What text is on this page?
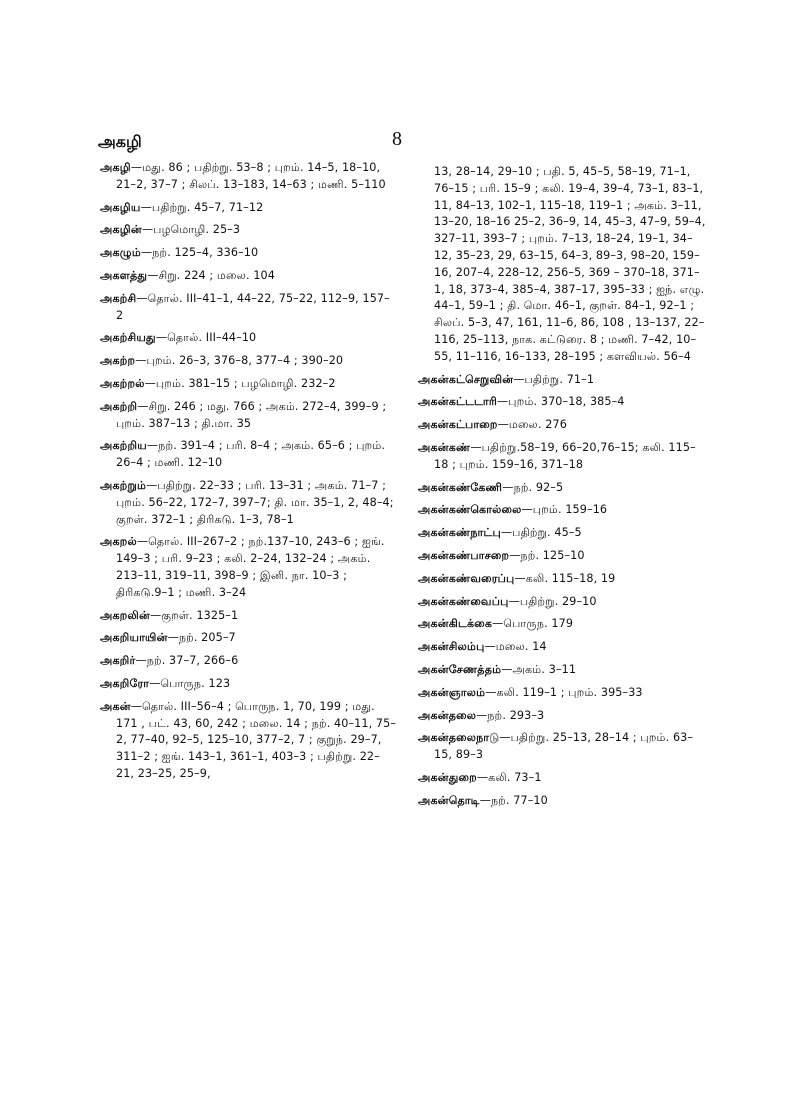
அகழி	8
அகழி—மது. 86 ; பதிற்று. 53–8 ; புறம். 14–5, 18–10, 21–2, 37–7 ; சிலப். 13–183, 14–63 ; மணி. 5–110
அகழிய—பதிற்று. 45–7, 71–12
அகழின்—பழமொழி. 25–3
அகழும்—நற். 125–4, 336–10
அகளத்து—சிறு. 224 ; மலை. 104
அகற்சி—தொல். III–41–1, 44–22, 75–22, 112–9, 157–2
அகற்சியது—தொல். III–44–10
அகற்ற—புறம். 26–3, 376–8, 377–4 ; 390–20
அகற்றல்—புறம். 381–15 ; பழமொழி. 232–2
அகற்றி—சிறு. 246 ; மது. 766 ; அகம். 272–4, 399–9 ; புறம். 387–13 ; தி.மா. 35
அகற்றிய—நற். 391–4 ; பரி. 8–4 ; அகம். 65–6 ; புறம். 26–4 ; மணி. 12–10
அகற்றும்—பதிற்று. 22–33 ; பரி. 13–31 ; அகம். 71–7 ; புறம். 56–22, 172–7, 397–7; தி. மா. 35–1, 2, 48–4; குறள். 372–1 ; திரிகடு. 1–3, 78–1
அகறல்—தொல். III–267–2 ; நற்.137–10, 243–6 ; ஐங். 149–3 ; பரி. 9–23 ; கலி. 2–24, 132–24 ; அகம். 213–11, 319–11, 398–9 ; இனி. நா. 10–3 ; திரிகடு.9–1 ; மணி. 3–24
அகறலின்—குறள். 1325–1
அகறியாயின்—நற். 205–7
அகறிர்—நற். 37–7, 266–6
அகறிரோ—பொருந. 123
அகன்—தொல். III–56–4 ; பொருந. 1, 70, 199 ; மது. 171 , பட். 43, 60, 242 ; மலை. 14 ; நற். 40–11, 75–2, 77–40, 92–5, 125–10, 377–2, 7 ; குறுந். 29–7, 311–2 ; ஐங். 143–1, 361–1, 403–3 ; பதிற்று. 22–21, 23–25, 25–9,
13, 28–14, 29–10 ; பதி. 5, 45–5, 58–19, 71–1, 76–15 ; பரி. 15–9 ; கலி. 19–4, 39–4, 73–1, 83–1, 11, 84–13, 102–1, 115–18, 119–1 ; அகம். 3–11, 13–20, 18–16 25–2, 36–9, 14, 45–3, 47–9, 59–4, 327–11, 393–7 ; புறம். 7–13, 18–24, 19–1, 34–12, 35–23, 29, 63–15, 64–3, 89–3, 98–20, 159–16, 207–4, 228–12, 256–5, 369 – 370–18, 371–1, 18, 373–4, 385–4, 387–17, 395–33 ; ஐந். எழு. 44–1, 59–1 ; தி. மொ. 46–1, குறள். 84–1, 92–1 ; சிலப். 5–3, 47, 161, 11–6, 86, 108 , 13–137, 22–116, 25–113, நாக. கட்டுரை. 8 ; மணி. 7–42, 10–55, 11–116, 16–133, 28–195 ; களவியல். 56–4
அகன்கட்செறுவின்—பதிற்று. 71–1
அகன்கட்டடாரி—புறம். 370–18, 385–4
அகன்கட்பாறை—மலை. 276
அகன்கண்—பதிற்று.58–19, 66–20,76–15; கலி. 115–18 ; புறம். 159–16, 371–18
அகன்கண்கேணி—நற். 92–5
அகன்கண்கொல்லை—புறம். 159–16
அகன்கண்நாட்பு—பதிற்று. 45–5
அகன்கண்பாசறை—நற். 125–10
அகன்கண்வரைப்பு—கலி. 115–18, 19
அகன்கண்வைப்பு—பதிற்று. 29–10
அகன்கிடக்கை—பொருந. 179
அகன்சிலம்பு—மலை. 14
அகன்சேணத்தம்—அகம். 3–11
அகன்ஞாலம்—கலி. 119–1 ; புறம். 395–33
அகன்தலை—நற். 293–3
அகன்தலைநாடு—பதிற்று. 25–13, 28–14 ; புறம். 63–15, 89–3
அகன்துறை—கலி. 73–1
அகன்தொடி—நற். 77–10
